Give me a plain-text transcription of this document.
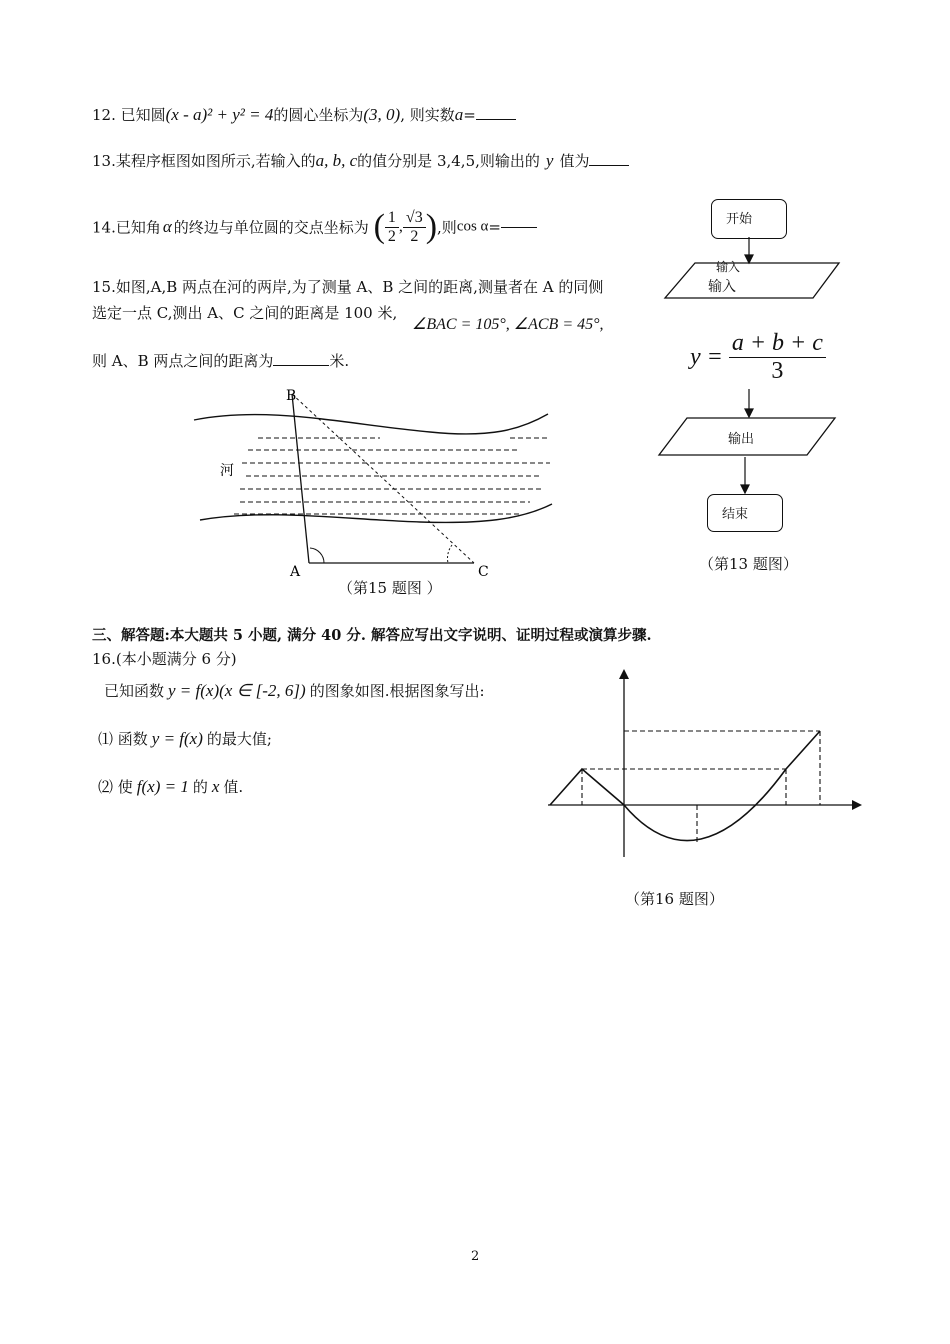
12. 已知圆(x - a)² + y² = 4的圆心坐标为(3, 0), 则实数a=
13.某程序框图如图所示,若输入的a, b, c的值分别是 3,4,5,则输出的 y 值为
14.已知角 α 的终边与单位圆的交点坐标为 ( $\frac{1}{2}$ , $\frac{√3}{2}$ ),则cos α=
15.如图,A,B 两点在河的两岸,为了测量 A、B 之间的距离,测量者在 A 的同侧
选定一点 C,测出 A、C 之间的距离是 100 米,
∠BAC = 105°, ∠ACB = 45°,
则 A、B 两点之间的距离为	米.
B
A	C
河
（第15 题图 ）
开始
输入
输入
$y = \frac{a + b + c}{3}$
输出
结束
（第13 题图）
三、解答题:本大题共 5 小题, 满分 40 分. 解答应写出文字说明、证明过程或演算步骤.
16.(本小题满分 6 分)
已知函数 y = f(x)(x ∈ [-2, 6]) 的图象如图.根据图象写出:
⑴ 函数 y = f(x) 的最大值;
⑵ 使 f(x) = 1 的 x 值.
（第16 题图）
2
